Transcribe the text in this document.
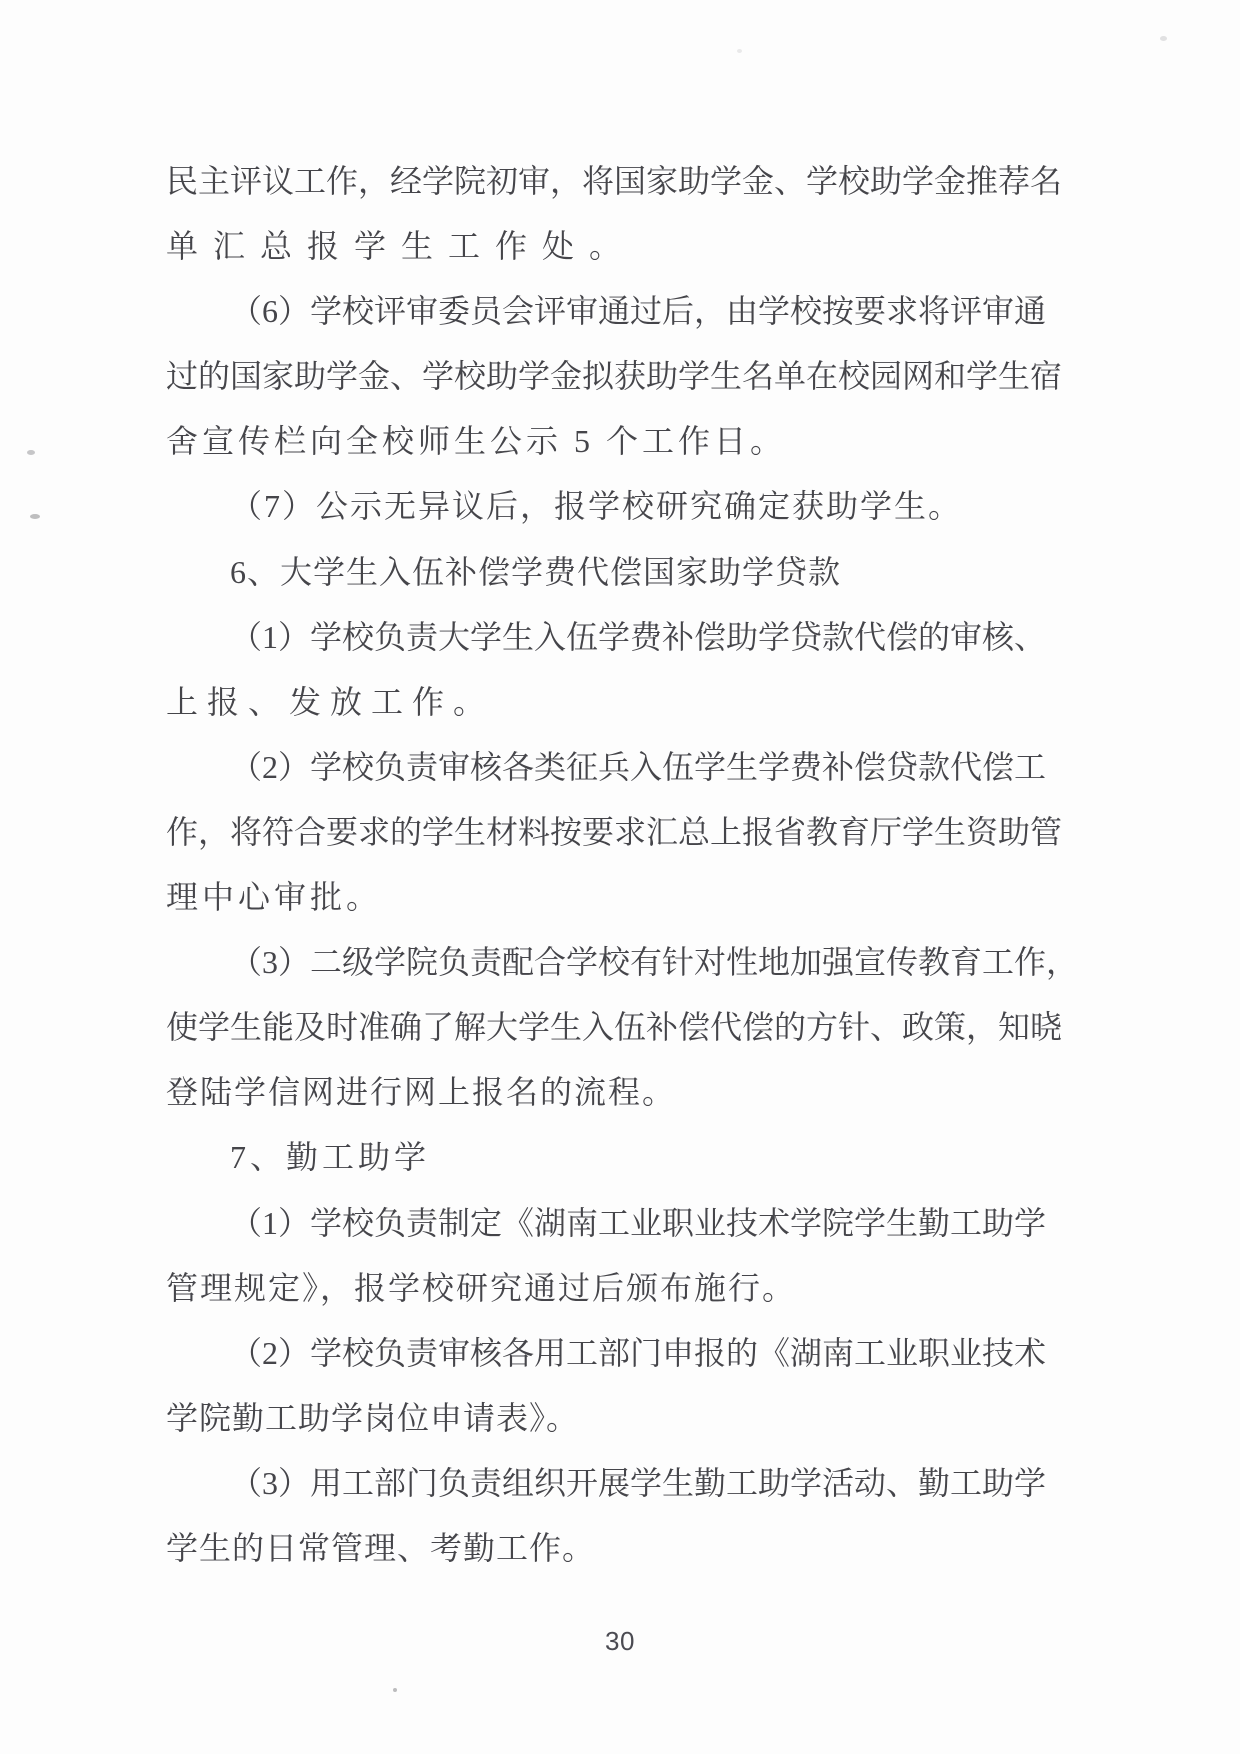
民主评议工作，经学院初审，将国家助学金、学校助学金推荐名
单汇总报学生工作处。
（6）学校评审委员会评审通过后，由学校按要求将评审通
过的国家助学金、学校助学金拟获助学生名单在校园网和学生宿
舍宣传栏向全校师生公示 5 个工作日。
（7）公示无异议后，报学校研究确定获助学生。
6、大学生入伍补偿学费代偿国家助学贷款
（1）学校负责大学生入伍学费补偿助学贷款代偿的审核、
上报、发放工作。
（2）学校负责审核各类征兵入伍学生学费补偿贷款代偿工
作，将符合要求的学生材料按要求汇总上报省教育厅学生资助管
理中心审批。
（3）二级学院负责配合学校有针对性地加强宣传教育工作，
使学生能及时准确了解大学生入伍补偿代偿的方针、政策，知晓
登陆学信网进行网上报名的流程。
7、勤工助学
（1）学校负责制定《湖南工业职业技术学院学生勤工助学
管理规定》，报学校研究通过后颁布施行。
（2）学校负责审核各用工部门申报的《湖南工业职业技术
学院勤工助学岗位申请表》。
（3）用工部门负责组织开展学生勤工助学活动、勤工助学
学生的日常管理、考勤工作。
30
